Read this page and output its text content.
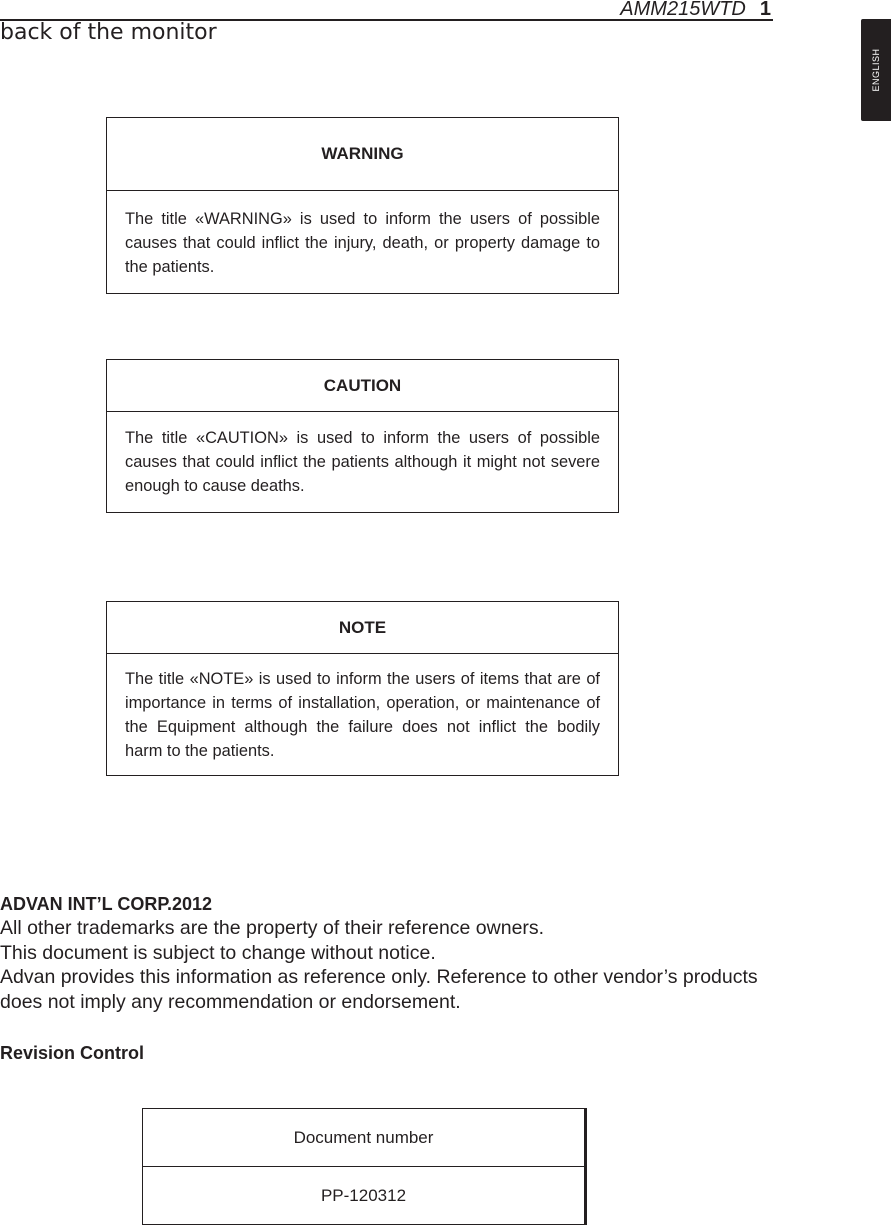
AMM215WTD 1
back of the monitor
ENGLISH
WARNING
The title «WARNING» is used to inform the users of possible causes that could inflict the injury, death, or property damage to the patients.
CAUTION
The title «CAUTION» is used to inform the users of possible causes that could inflict the patients although it might not severe enough to cause deaths.
NOTE
The title «NOTE» is used to inform the users of items that are of importance in terms of installation, operation, or maintenance of the Equipment although the failure does not inflict the bodily harm to the patients.
ADVAN INT’L CORP.2012

All other trademarks are the property of their reference owners.

This document is subject to change without notice.

Advan provides this information as reference only. Reference to other vendor’s products does not imply any recommendation or endorsement.

Revision Control
Document number
PP-120312
